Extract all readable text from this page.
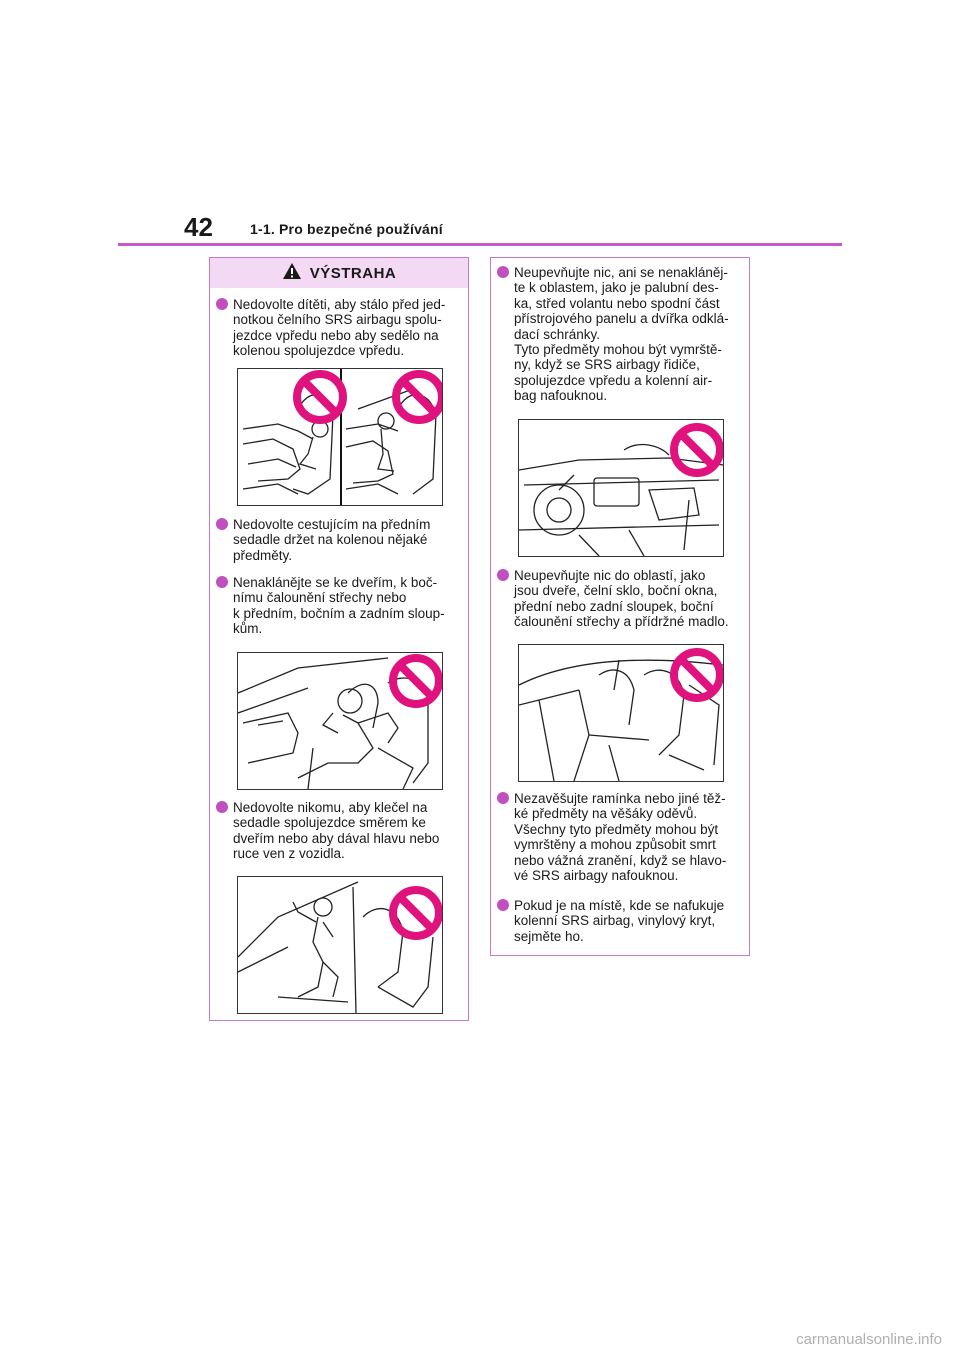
42	1-1. Pro bezpečné používání
VÝSTRAHA

Nedovolte dítěti, aby stálo před jed-
notkou čelního SRS airbagu spolu-
jezdce vpředu nebo aby sedělo na
kolenou spolujezdce vpředu.

Nedovolte cestujícím na předním
sedadle držet na kolenou nějaké
předměty.

Nenaklánějte se ke dveřím, k boč-
nímu čalounění střechy nebo
k předním, bočním a zadním sloup-
kům.

Nedovolte nikomu, aby klečel na
sedadle spolujezdce směrem ke
dveřím nebo aby dával hlavu nebo
ruce ven z vozidla.

Neupevňujte nic, ani se nenakláněj-
te k oblastem, jako je palubní des-
ka, střed volantu nebo spodní část
přístrojového panelu a dvířka odklá-
dací schránky.
Tyto předměty mohou být vymrště-
ny, když se SRS airbagy řidiče,
spolujezdce vpředu a kolenní air-
bag nafouknou.

Neupevňujte nic do oblastí, jako
jsou dveře, čelní sklo, boční okna,
přední nebo zadní sloupek, boční
čalounění střechy a přídržné madlo.

Nezavěšujte ramínka nebo jiné těž-
ké předměty na věšáky oděvů.
Všechny tyto předměty mohou být
vymrštěny a mohou způsobit smrt
nebo vážná zranění, když se hlavo-
vé SRS airbagy nafouknou.

Pokud je na místě, kde se nafukuje
kolenní SRS airbag, vinylový kryt,
sejměte ho.

carmanualsonline.info
